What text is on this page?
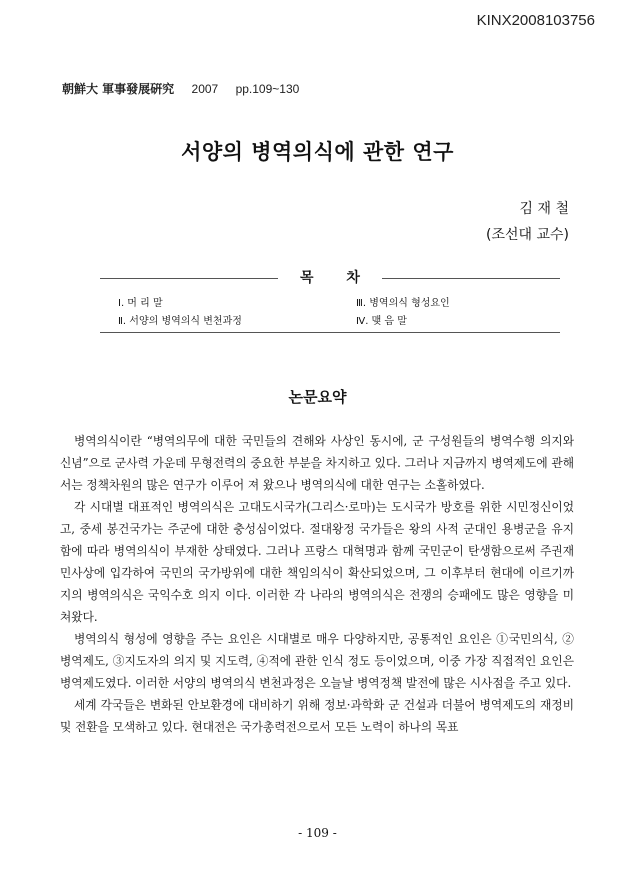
KINX2008103756
朝鮮大 軍事發展硏究 2007 pp.109~130
서양의 병역의식에 관한 연구
김 재 철
(조선대 교수)
목 차
Ⅰ. 머 리 말
Ⅱ. 서양의 병역의식 변천과정
Ⅲ. 병역의식 형성요인
Ⅳ. 맺 음 말
논문요약

병역의식이란 “병역의무에 대한 국민들의 견해와 사상인 동시에, 군 구성원들의 병역수행 의지와 신념”으로 군사력 가운데 무형전력의 중요한 부분을 차지하고 있다. 그러나 지금까지 병역제도에 관해서는 정책차원의 많은 연구가 이루어 져 왔으나 병역의식에 대한 연구는 소홀하였다.

각 시대별 대표적인 병역의식은 고대도시국가(그리스·로마)는 도시국가 방호를 위한 시민정신이었고, 중세 봉건국가는 주군에 대한 충성심이었다. 절대왕정 국가들은 왕의 사적 군대인 용병군을 유지함에 따라 병역의식이 부재한 상태였다. 그러나 프랑스 대혁명과 함께 국민군이 탄생함으로써 주권재민사상에 입각하여 국민의 국가방위에 대한 책임의식이 확산되었으며, 그 이후부터 현대에 이르기까지의 병역의식은 국익수호 의지 이다. 이러한 각 나라의 병역의식은 전쟁의 승패에도 많은 영향을 미쳐왔다.

병역의식 형성에 영향을 주는 요인은 시대별로 매우 다양하지만, 공통적인 요인은 ①국민의식, ②병역제도, ③지도자의 의지 및 지도력, ④적에 관한 인식 정도 등이었으며, 이중 가장 직접적인 요인은 병역제도였다. 이러한 서양의 병역의식 변천과정은 오늘날 병역정책 발전에 많은 시사점을 주고 있다.

세계 각국들은 변화된 안보환경에 대비하기 위해 정보·과학화 군 건설과 더불어 병역제도의 재정비 및 전환을 모색하고 있다. 현대전은 국가총력전으로서 모든 노력이 하나의 목표

- 109 -
